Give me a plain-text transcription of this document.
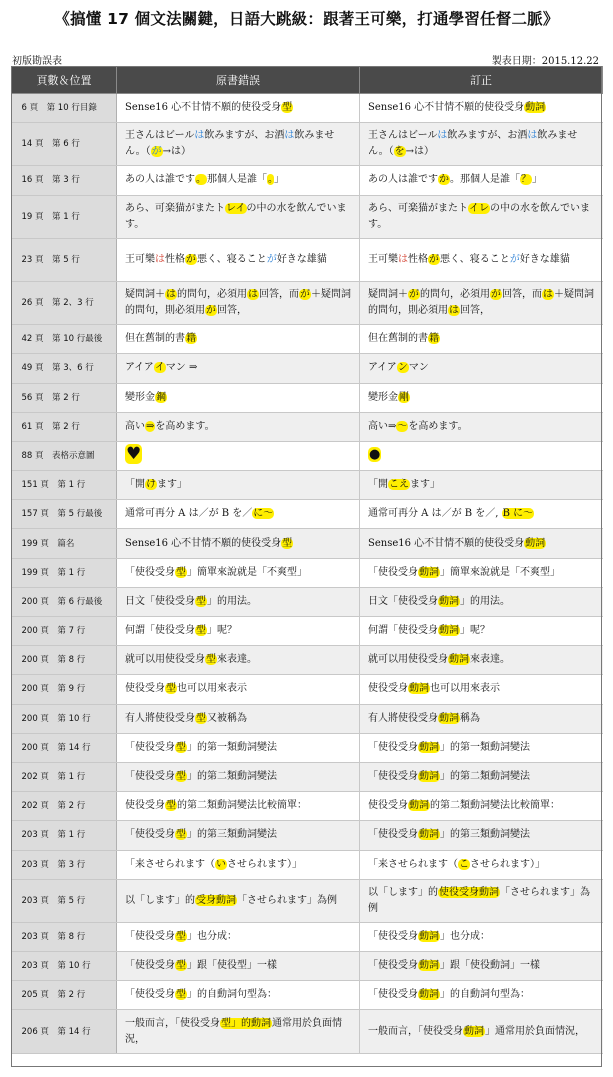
《搞懂 17 個文法關鍵，日語大跳級：跟著王可樂，打通學習任督二脈》
初版勘誤表	製表日期：2015.12.22
頁數＆位置	原書錯誤	訂正
6 頁　第 10 行目錄	Sense16 心不甘情不願的使役受身型	Sense16 心不甘情不願的使役受身動詞
14 頁　第 6 行	王さんはビールは飲みますが、お酒は飲みません。（が→は）	王さんはビールは飲みますが、お酒は飲みません。（を→は）
16 頁　第 3 行	あの人は誰です。那個人是誰「。」	あの人は誰ですか。那個人是誰「？」
19 頁　第 1 行	あら、可楽猫がまたトレイの中の水を飲んでいます。	あら、可楽猫がまたトイレの中の水を飲んでいます。
23 頁　第 5 行	王可樂は性格が悪く、寝ることが好きな雄貓	王可樂は性格が悪く、寝ることが好きな雄貓
26 頁　第 2、3 行	疑問詞＋は的問句，必須用は回答，而が＋疑問詞的問句，則必須用が回答，	疑問詞＋が的問句，必須用が回答，而は＋疑問詞的問句，則必須用は回答，
42 頁　第 10 行最後	但在舊制的書籍	但在舊制的書籍
49 頁　第 3、6 行	アイアイマン ⇒	アイアンマン
56 頁　第 2 行	變形金鋼	變形金剛
61 頁　第 2 行	高い⇒を高めます。	高い⇒〜を高めます。
88 頁　表格示意圖	♥	●
151 頁　第 1 行	「開けます」	「開こえます」
157 頁　第 5 行最後	通常可再分 A は／が B を／に〜	通常可再分 A は／が B を／, B に〜
199 頁　篇名	Sense16 心不甘情不願的使役受身型	Sense16 心不甘情不願的使役受身動詞
199 頁　第 1 行	「使役受身型」簡單來說就是「不爽型」	「使役受身動詞」簡單來說就是「不爽型」
200 頁　第 6 行最後	日文「使役受身型」的用法。	日文「使役受身動詞」的用法。
200 頁　第 7 行	何謂「使役受身型」呢？	何謂「使役受身動詞」呢？
200 頁　第 8 行	就可以用使役受身型來表達。	就可以用使役受身動詞來表達。
200 頁　第 9 行	使役受身型也可以用來表示	使役受身動詞也可以用來表示
200 頁　第 10 行	有人將使役受身型又被稱為	有人將使役受身動詞稱為
200 頁　第 14 行	「使役受身型」的第一類動詞變法	「使役受身動詞」的第一類動詞變法
202 頁　第 1 行	「使役受身型」的第二類動詞變法	「使役受身動詞」的第二類動詞變法
202 頁　第 2 行	使役受身型的第二類動詞變法比較簡單：	使役受身動詞的第二類動詞變法比較簡單：
203 頁　第 1 行	「使役受身型」的第三類動詞變法	「使役受身動詞」的第三類動詞變法
203 頁　第 3 行	「来させられます（いさせられます）」	「来させられます（こさせられます）」
203 頁　第 5 行	以「します」的受身動詞「させられます」為例	以「します」的使役受身動詞「させられます」為例
203 頁　第 8 行	「使役受身型」也分成：	「使役受身動詞」也分成：
203 頁　第 10 行	「使役受身型」跟「使役型」一樣	「使役受身動詞」跟「使役動詞」一樣
205 頁　第 2 行	「使役受身型」的自動詞句型為：	「使役受身動詞」的自動詞句型為：
206 頁　第 14 行	一般而言，「使役受身型」的動詞通常用於負面情況，	一般而言，「使役受身動詞」通常用於負面情況，
